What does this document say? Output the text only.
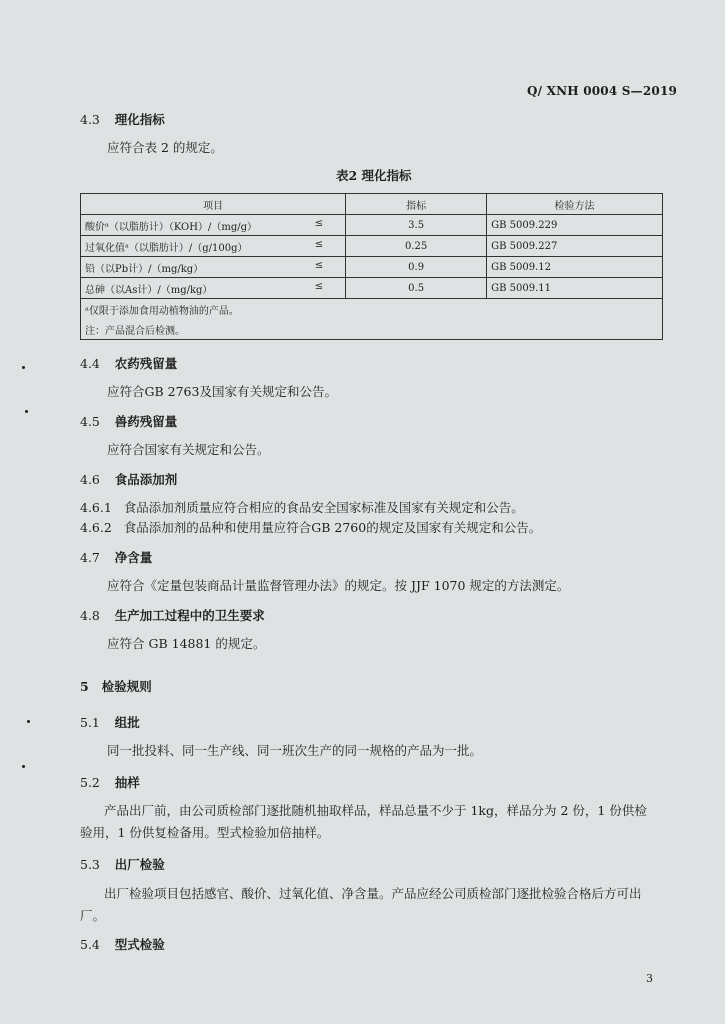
Q/ XNH 0004 S—2019
4.3 理化指标
应符合表 2 的规定。
表2 理化指标
项目	指标	检验方法
酸价ᵃ（以脂肪计）（KOH）/（mg/g） ≤	3.5	GB 5009.229
过氧化值ᵃ（以脂肪计）/（g/100g） ≤	0.25	GB 5009.227
铅（以Pb计）/（mg/kg） ≤	0.9	GB 5009.12
总砷（以As计）/（mg/kg） ≤	0.5	GB 5009.11
ᵃ仅限于添加食用动植物油的产品。		
注：产品混合后检测。		
4.4 农药残留量
应符合GB 2763及国家有关规定和公告。
4.5 兽药残留量
应符合国家有关规定和公告。
4.6 食品添加剂
4.6.1 食品添加剂质量应符合相应的食品安全国家标准及国家有关规定和公告。
4.6.2 食品添加剂的品种和使用量应符合GB 2760的规定及国家有关规定和公告。
4.7 净含量
应符合《定量包装商品计量监督管理办法》的规定。按 JJF 1070 规定的方法测定。
4.8 生产加工过程中的卫生要求
应符合 GB 14881 的规定。
5 检验规则
5.1 组批
同一批投料、同一生产线、同一班次生产的同一规格的产品为一批。
5.2 抽样
产品出厂前，由公司质检部门逐批随机抽取样品，样品总量不少于 1kg，样品分为 2 份，1 份供检
验用，1 份供复检备用。型式检验加倍抽样。
5.3 出厂检验
出厂检验项目包括感官、酸价、过氧化值、净含量。产品应经公司质检部门逐批检验合格后方可出
厂。
5.4 型式检验
3
